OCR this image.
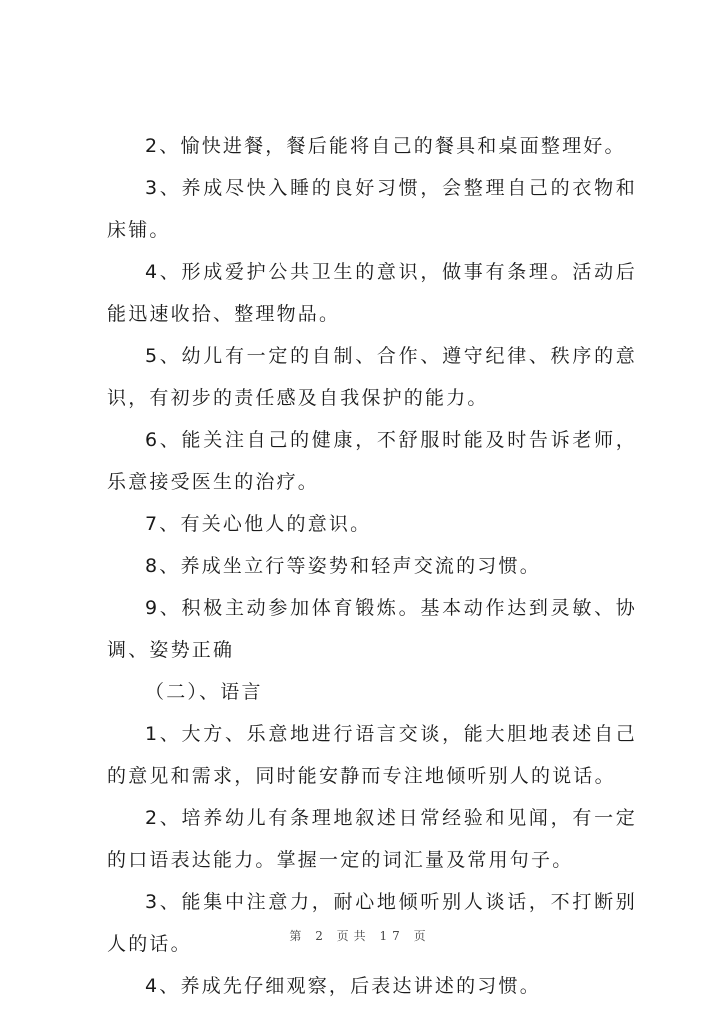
2、愉快进餐，餐后能将自己的餐具和桌面整理好。

3、养成尽快入睡的良好习惯，会整理自己的衣物和床铺。

4、形成爱护公共卫生的意识，做事有条理。活动后能迅速收拾、整理物品。

5、幼儿有一定的自制、合作、遵守纪律、秩序的意识，有初步的责任感及自我保护的能力。

6、能关注自己的健康，不舒服时能及时告诉老师，乐意接受医生的治疗。

7、有关心他人的意识。

8、养成坐立行等姿势和轻声交流的习惯。

9、积极主动参加体育锻炼。基本动作达到灵敏、协调、姿势正确

（二）、语言

1、大方、乐意地进行语言交谈，能大胆地表述自己的意见和需求，同时能安静而专注地倾听别人的说话。

2、培养幼儿有条理地叙述日常经验和见闻，有一定的口语表达能力。掌握一定的词汇量及常用句子。

3、能集中注意力，耐心地倾听别人谈话，不打断别人的话。

4、养成先仔细观察，后表达讲述的习惯。

第 2 页共 17 页
